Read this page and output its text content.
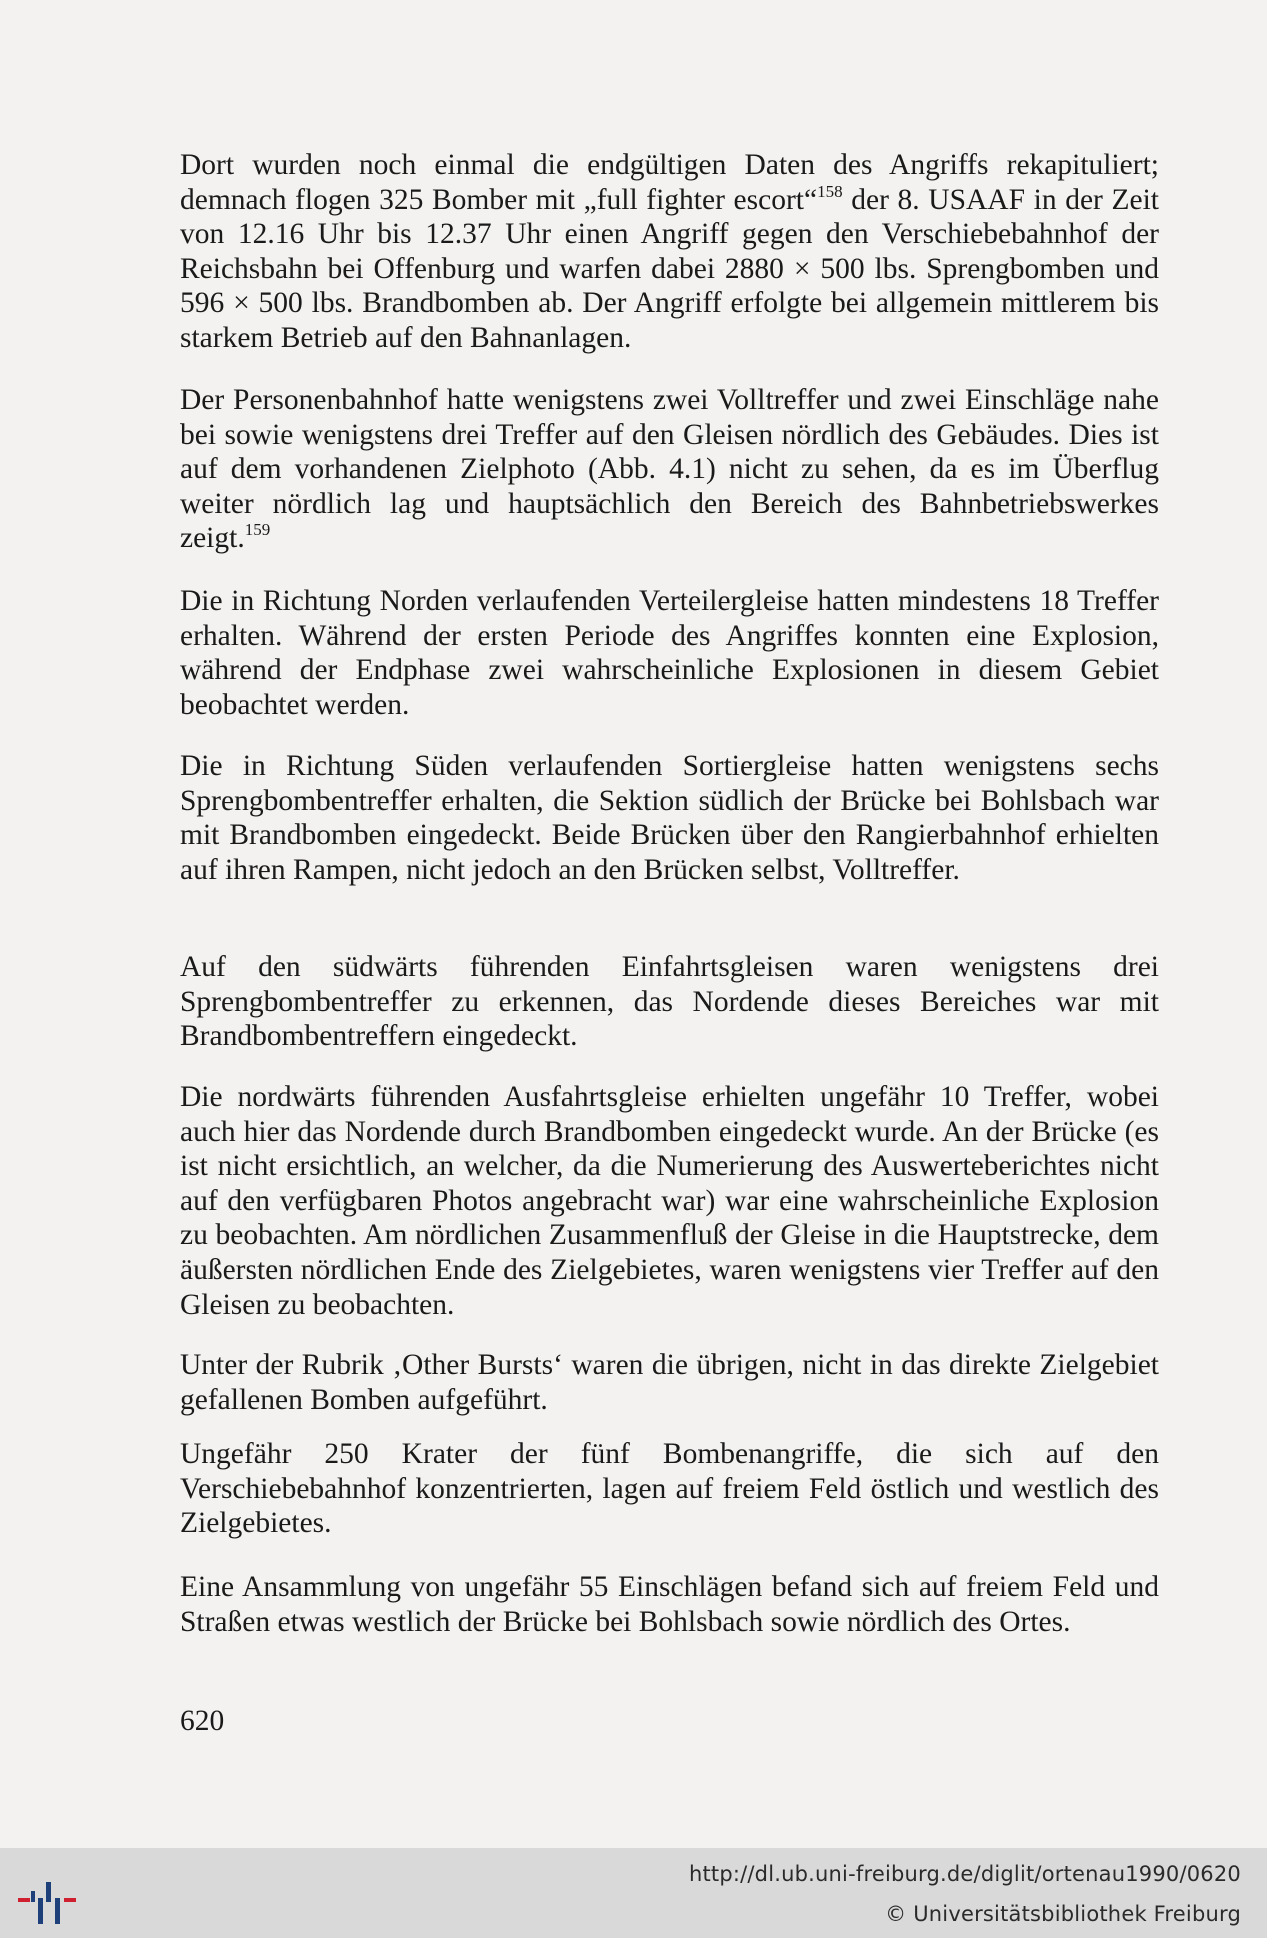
Dort wurden noch einmal die endgültigen Daten des Angriffs rekapituliert; demnach flogen 325 Bomber mit „full fighter escort“$^{158}$ der 8. USAAF in der Zeit von 12.16 Uhr bis 12.37 Uhr einen Angriff gegen den Verschiebebahnhof der Reichsbahn bei Offenburg und warfen dabei 2880 × 500 lbs. Sprengbomben und 596 × 500 lbs. Brandbomben ab. Der Angriff erfolgte bei allgemein mittlerem bis starkem Betrieb auf den Bahnanlagen.

Der Personenbahnhof hatte wenigstens zwei Volltreffer und zwei Einschläge nahe bei sowie wenigstens drei Treffer auf den Gleisen nördlich des Gebäudes. Dies ist auf dem vorhandenen Zielphoto (Abb. 4.1) nicht zu sehen, da es im Überflug weiter nördlich lag und hauptsächlich den Bereich des Bahnbetriebswerkes zeigt.$^{159}$

Die in Richtung Norden verlaufenden Verteilergleise hatten mindestens 18 Treffer erhalten. Während der ersten Periode des Angriffes konnten eine Explosion, während der Endphase zwei wahrscheinliche Explosionen in diesem Gebiet beobachtet werden.

Die in Richtung Süden verlaufenden Sortiergleise hatten wenigstens sechs Sprengbombentreffer erhalten, die Sektion südlich der Brücke bei Bohlsbach war mit Brandbomben eingedeckt. Beide Brücken über den Rangierbahnhof erhielten auf ihren Rampen, nicht jedoch an den Brücken selbst, Volltreffer.

Auf den südwärts führenden Einfahrtsgleisen waren wenigstens drei Sprengbombentreffer zu erkennen, das Nordende dieses Bereiches war mit Brandbombentreffern eingedeckt.

Die nordwärts führenden Ausfahrtsgleise erhielten ungefähr 10 Treffer, wobei auch hier das Nordende durch Brandbomben eingedeckt wurde. An der Brücke (es ist nicht ersichtlich, an welcher, da die Numerierung des Auswerteberichtes nicht auf den verfügbaren Photos angebracht war) war eine wahrscheinliche Explosion zu beobachten. Am nördlichen Zusammenfluß der Gleise in die Hauptstrecke, dem äußersten nördlichen Ende des Zielgebietes, waren wenigstens vier Treffer auf den Gleisen zu beobachten.

Unter der Rubrik ‚Other Bursts‘ waren die übrigen, nicht in das direkte Zielgebiet gefallenen Bomben aufgeführt.

Ungefähr 250 Krater der fünf Bombenangriffe, die sich auf den Verschiebebahnhof konzentrierten, lagen auf freiem Feld östlich und westlich des Zielgebietes.

Eine Ansammlung von ungefähr 55 Einschlägen befand sich auf freiem Feld und Straßen etwas westlich der Brücke bei Bohlsbach sowie nördlich des Ortes.

620
http://dl.ub.uni-freiburg.de/diglit/ortenau1990/0620
© Universitätsbibliothek Freiburg
